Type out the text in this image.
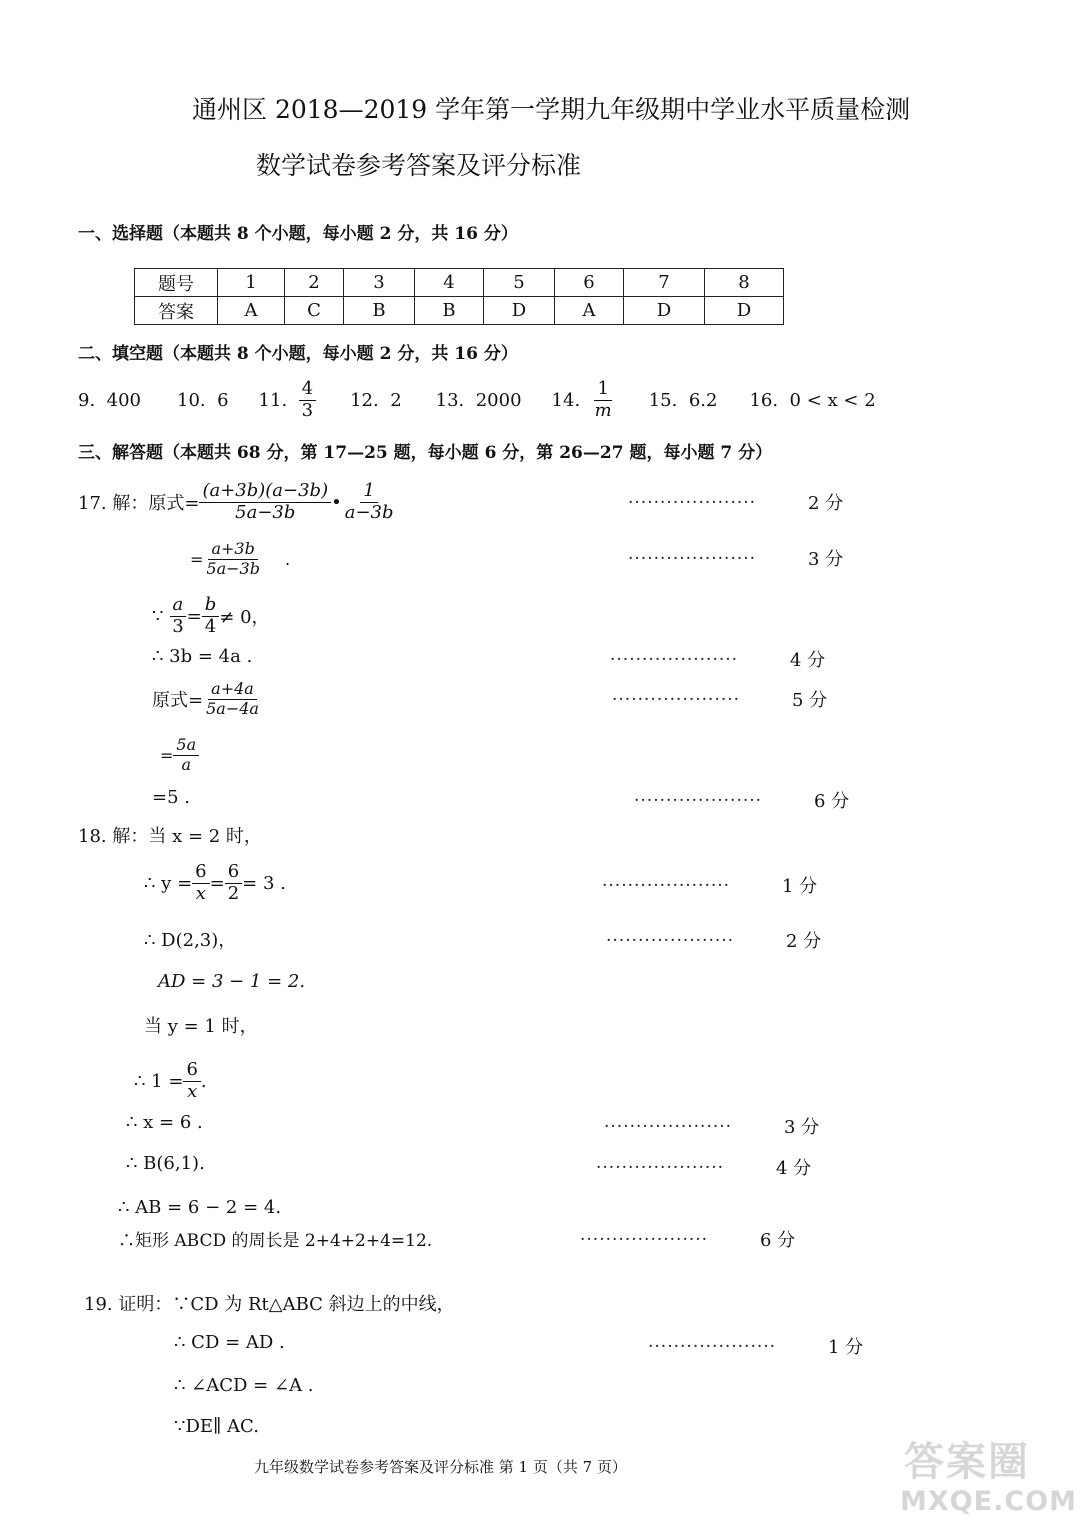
通州区 2018—2019 学年第一学期九年级期中学业水平质量检测
数学试卷参考答案及评分标准
一、选择题（本题共 8 个小题，每小题 2 分，共 16 分）
题号	1	2	3	4	5	6	7	8
答案	A	C	B	B	D	A	D	D
二、填空题（本题共 8 个小题，每小题 2 分，共 16 分）
9. 400 10. 6 11.
$\frac{4}{3} 12$. 2 13. 2000 14.
$\frac{1}{m} 15$. 6.2 16. 0 < x < 2
三、解答题（本题共 68 分，第 17—25 题，每小题 6 分，第 26—27 题，每小题 7 分）
17. 解：原式= $\frac{(a+3b)(a-3b)}{5a-3b}$ • $\frac{1}{a-3b}$	....................	2 分
= $\frac{a+3b}{5a-3b}$ .	....................	3 分
∵
$\frac{a}{3} = \frac{b}{4} \ne 0$，
∴ 3b = 4a .	....................	4 分
原式= $\frac{a+4a}{5a-4a}$	....................	5 分
= $\frac{5a}{a}$
=5 .	....................	6 分
18. 解：当 x = 2 时，
∴ $y = \frac{6}{x} = \frac{6}{2} = 3$ .	....................	1 分
∴ D(2,3)，	....................	2 分
AD = 3 − 1 = 2.
当 y = 1 时，
∴ $1 = \frac{6}{x}$ .
∴ x = 6 .	....................	3 分
∴ B(6,1).	....................	4 分
∴ AB = 6 − 2 = 4.
∴矩形 ABCD 的周长是 2+4+2+4=12.	....................	6 分
19. 证明：∵CD 为 Rt△ABC 斜边上的中线，
∴ CD = AD .	....................	1 分
∴ ∠ACD = ∠A .
∵DE∥ AC.
九年级数学试卷参考答案及评分标准 第 1 页（共 7 页）	答案圈
MXQE.COM
